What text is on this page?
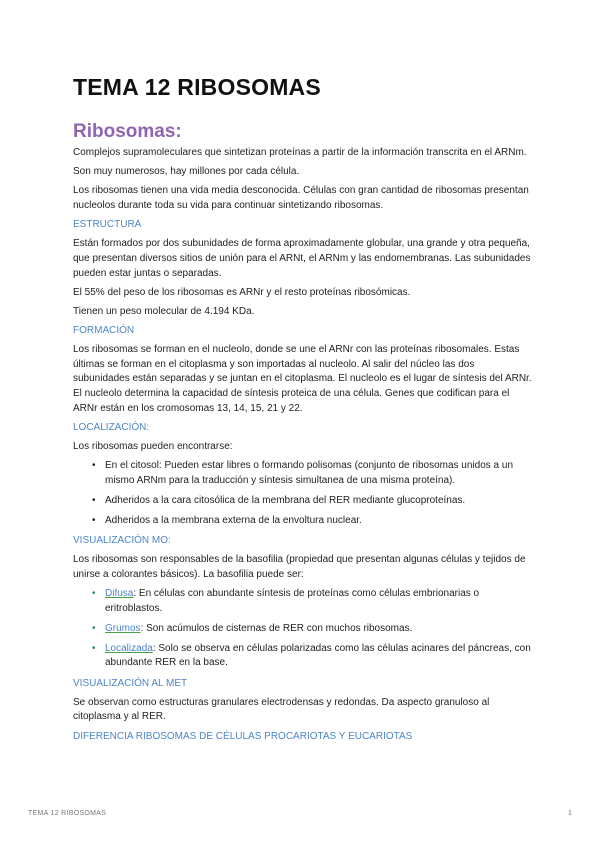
TEMA 12 RIBOSOMAS
Ribosomas:

Complejos supramoleculares que sintetizan proteínas a partir de la información transcrita en el ARNm.

Son muy numerosos, hay millones por cada célula.

Los ribosomas tienen una vida media desconocida. Células con gran cantidad de ribosomas presentan nucleolos durante toda su vida para continuar sintetizando ribosomas.

ESTRUCTURA

Están formados por dos subunidades de forma aproximadamente globular, una grande y otra pequeña, que presentan diversos sitios de unión para el ARNt, el ARNm y las endomembranas. Las subunidades pueden estar juntas o separadas.

El 55% del peso de los ribosomas es ARNr y el resto proteínas ribosómicas.

Tienen un peso molecular de 4.194 KDa.

FORMACIÓN

Los ribosomas se forman en el nucleolo, donde se une el ARNr con las proteínas ribosomales. Estas últimas se forman en el citoplasma y son importadas al nucleolo. Al salir del núcleo las dos subunidades están separadas y se juntan en el citoplasma. El nucleolo es el lugar de síntesis del ARNr. El nucleolo determina la capacidad de síntesis proteica de una célula. Genes que codifican para el ARNr están en los cromosomas 13, 14, 15, 21 y 22.

LOCALIZACIÓN:

Los ribosomas pueden encontrarse:

• En el citosol: Pueden estar libres o formando polisomas (conjunto de ribosomas unidos a un mismo ARNm para la traducción y síntesis simultanea de una misma proteína).
• Adheridos a la cara citosólica de la membrana del RER mediante glucoproteínas.
• Adheridos a la membrana externa de la envoltura nuclear.
VISUALIZACIÓN MO:

Los ribosomas son responsables de la basofilia (propiedad que presentan algunas células y tejidos de unirse a colorantes básicos). La basofilia puede ser:

• Difusa: En células con abundante síntesis de proteínas como células embrionarias o eritroblastos.
• Grumos: Son acúmulos de cisternas de RER con muchos ribosomas.
• Localizada: Solo se observa en células polarizadas como las células acinares del páncreas, con abundante RER en la base.
VISUALIZACIÓN AL MET

Se observan como estructuras granulares electrodensas y redondas. Da aspecto granuloso al citoplasma y al RER.

DIFERENCIA RIBOSOMAS DE CÉLULAS PROCARIOTAS Y EUCARIOTAS
TEMA 12 RIBOSOMAS	1
